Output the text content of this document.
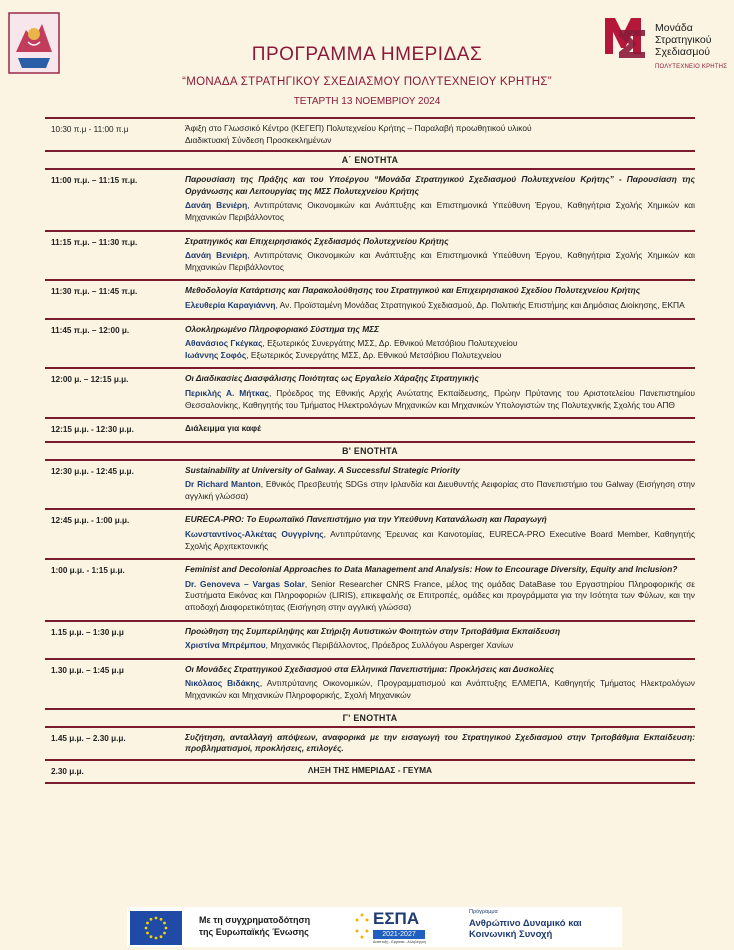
Μονάδα
Στρατηγικού
Σχεδιασμού
ΠΟΛΥΤΕΧΝΕΙΟ ΚΡΗΤΗΣ
ΠΡΟΓΡΑΜΜΑ ΗΜΕΡΙΔΑΣ
“ΜΟΝΑΔΑ ΣΤΡΑΤΗΓΙΚΟΥ ΣΧΕΔΙΑΣΜΟΥ ΠΟΛΥΤΕΧΝΕΙΟΥ ΚΡΗΤΗΣ”
ΤΕΤΑΡΤΗ 13 ΝΟΕΜΒΡΙΟΥ 2024
10:30 π.μ - 11:00 π.μ	Άφιξη στο Γλωσσικό Κέντρο (ΚΕΓΕΠ) Πολυτεχνείου Κρήτης – Παραλαβή προωθητικού υλικού
Διαδικτυακή Σύνδεση Προσκεκλημένων
Α΄ ΕΝΟΤΗΤΑ
11:00 π.μ. – 11:15 π.μ.	Παρουσίαση της Πράξης και του Υπoέργου “Μονάδα Στρατηγικού Σχεδιασμού Πολυτεχνείου Κρήτης” - Παρουσίαση της Οργάνωσης και Λειτουργίας της ΜΣΣ Πολυτεχνείου Κρήτης
Δανάη Βενιέρη, Αντιπρύτανις Οικονομικών και Ανάπτυξης και Επιστημονικά Υπεύθυνη Έργου, Καθηγήτρια Σχολής Χημικών και Μηχανικών Περιβάλλοντος
11:15 π.μ. – 11:30 π.μ.	Στρατηγικός και Επιχειρησιακός Σχεδιασμός Πολυτεχνείου Κρήτης
Δανάη Βενιέρη, Αντιπρύτανις Οικονομικών και Ανάπτυξης και Επιστημονικά Υπεύθυνη Έργου, Καθηγήτρια Σχολής Χημικών και Μηχανικών Περιβάλλοντος
11:30 π.μ. – 11:45 π.μ.	Μεθοδολογία Κατάρτισης και Παρακολούθησης του Στρατηγικού και Επιχειρησιακού Σχεδίου Πολυτεχνείου Κρήτης
Ελευθερία Καραγιάννη, Αν. Προϊσταμένη Μονάδας Στρατηγικού Σχεδιασμού, Δρ. Πολιτικής Επιστήμης και Δημόσιας Διοίκησης, ΕΚΠΑ
11:45 π.μ. – 12:00 μ.	Ολοκληρωμένο Πληροφοριακό Σύστημα της ΜΣΣ
Αθανάσιος Γκέγκας, Εξωτερικός Συνεργάτης ΜΣΣ, Δρ. Εθνικού Μετσόβιου Πολυτεχνείου
Ιωάννης Σοφός, Εξωτερικός Συνεργάτης ΜΣΣ, Δρ. Εθνικού Μετσόβιου Πολυτεχνείου
12:00 μ. – 12:15 μ.μ.	Οι Διαδικασίες Διασφάλισης Ποιότητας ως Εργαλείο Χάραξης Στρατηγικής
Περικλής Α. Μήτκας, Πρόεδρος της Εθνικής Αρχής Ανώτατης Εκπαίδευσης, Πρώην Πρύτανης του Αριστοτελείου Πανεπιστημίου Θεσσαλονίκης, Καθηγητής του Τμήματος Ηλεκτρολόγων Μηχανικών και Μηχανικών Υπολογιστών της Πολυτεχνικής Σχολής του ΑΠΘ
12:15 μ.μ. - 12:30 μ.μ.	Διάλειμμα για καφέ
Β' ΕΝΟΤΗΤΑ
12:30 μ.μ. - 12:45 μ.μ.	Sustainability at University of Galway. A Successful Strategic Priority
Dr Richard Manton, Εθνικός Πρεσβευτής SDGs στην Ιρλανδία και Διευθυντής Αειφορίας στο Πανεπιστήμιο του Galway (Εισήγηση στην αγγλική γλώσσα)
12:45 μ.μ. - 1:00 μ.μ.	EURECA-PRO: Το Ευρωπαϊκό Πανεπιστήμιο για την Υπεύθυνη Κατανάλωση και Παραγωγή
Κωνσταντίνος-Αλκέτας Ουγγρίνης, Αντιπρύτανης Έρευνας και Καινοτομίας, EURECA-PRO Executive Board Member, Καθηγητής Σχολής Αρχιτεκτονικής
1:00 μ.μ. - 1:15 μ.μ.	Feminist and Decolonial Approaches to Data Management and Analysis: How to Encourage Diversity, Equity and Inclusion?
Dr. Genoveva – Vargas Solar, Senior Researcher CNRS France, μέλος της ομάδας DataBase του Εργαστηρίου Πληροφορικής σε Συστήματα Εικόνας και Πληροφοριών (LIRIS), επικεφαλής σε Επιτροπές, ομάδες και προγράμματα για την Ισότητα των Φύλων, και την αποδοχή Διαφορετικότητας (Εισήγηση στην αγγλική γλώσσα)
1.15 μ.μ. – 1:30 μ.μ	Προώθηση της Συμπερίληψης και Στήριξη Αυτιστικών Φοιτητών στην Τριτοβάθμια Εκπαίδευση
Χριστίνα Μπρέμπου, Μηχανικός Περιβάλλοντος, Πρόεδρος Συλλόγου Asperger Χανίων
1.30 μ.μ. – 1:45 μ.μ	Οι Μονάδες Στρατηγικού Σχεδιασμού στα Ελληνικά Πανεπιστήμια: Προκλήσεις και Δυσκολίες
Νικόλαος Βιδάκης, Αντιπρύτανης Οικονομικών, Προγραμματισμού και Ανάπτυξης ΕΛΜΕΠΑ, Καθηγητής Τμήματος Ηλεκτρολόγων Μηχανικών και Μηχανικών Πληροφορικής, Σχολή Μηχανικών
Γ' ΕΝΟΤΗΤΑ
1.45 μ.μ. – 2.30 μ.μ.	Συζήτηση, ανταλλαγή απόψεων, αναφορικά με την εισαγωγή του Στρατηγικού Σχεδιασμού στην Τριτοβάθμια Εκπαίδευση: προβληματισμοί, προκλήσεις, επιλογές.
2.30 μ.μ.	ΛΗΞΗ ΤΗΣ ΗΜΕΡΙΔΑΣ - ΓΕΥΜΑ
Με τη συγχρηματοδότηση
της Ευρωπαϊκής Ένωσης
ΕΣΠΑ
2021-2027
Ανάπτυξη - Εργασία - Αλληλεγγύη
Πρόγραμμα
Ανθρώπινο Δυναμικό και
Κοινωνική Συνοχή
